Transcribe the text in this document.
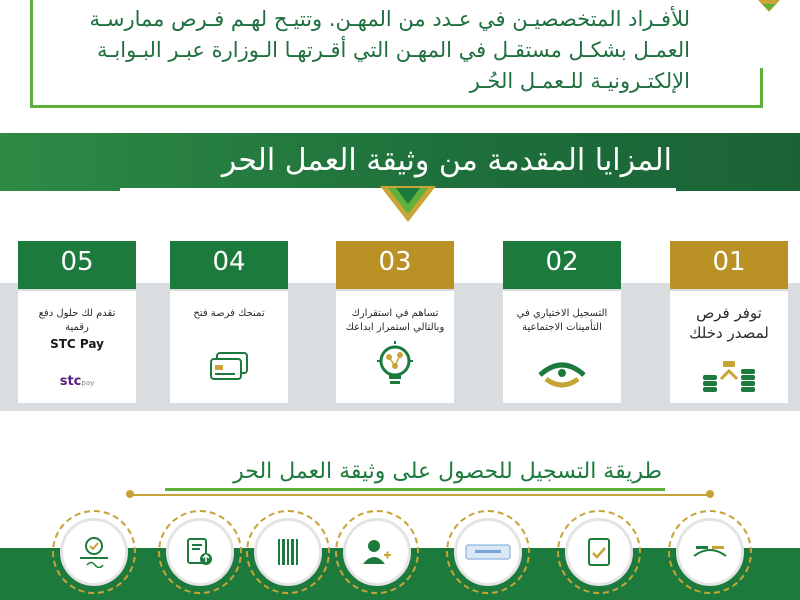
للأفـراد المتخصصيـن في عـدد من المهـن. وتتيـح لهـم فـرص ممارسـة
العمـل بشكـل مستقـل في المهـن التي أقـرتهـا الـوزارة عبـر البـوابـة
الإلكتـرونيـة للـعمـل الحُـر
المزايا المقدمة من وثيقة العمل الحر
01
توفر فرص لمصدر دخلك
02
التسجيل الاختياري في التأمينات الاجتماعية
03
تساهم في استقرارك وبالتالي استمرار ابداعك
04
تمنحك فرصة فتح
05
تقدم لك حلول دفع رقمية
STC Pay
stcpay
طريقة التسجيل للحصول على وثيقة العمل الحر
